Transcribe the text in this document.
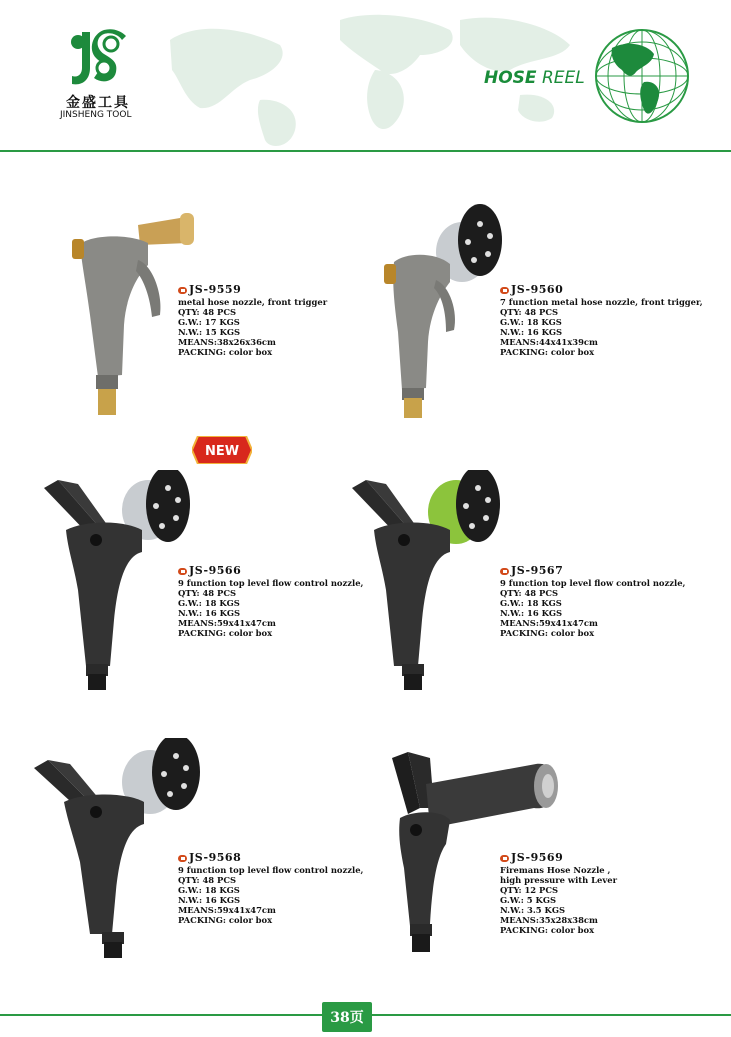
金盛工具
JINSHENG TOOL
HOSE REEL
JS-9559
metal hose nozzle, front trigger
QTY: 48 PCS
G.W.: 17 KGS
N.W.: 15 KGS
MEANS:38x26x36cm
PACKING: color box
JS-9560
7 function metal hose nozzle, front trigger,
QTY: 48 PCS
G.W.: 18 KGS
N.W.: 16 KGS
MEANS:44x41x39cm
PACKING: color box
NEW
JS-9566
9 function top level flow control nozzle,
QTY: 48 PCS
G.W.: 18 KGS
N.W.: 16 KGS
MEANS:59x41x47cm
PACKING: color box
JS-9567
9 function top level flow control nozzle,
QTY: 48 PCS
G.W.: 18 KGS
N.W.: 16 KGS
MEANS:59x41x47cm
PACKING: color box
JS-9568
9 function top level flow control nozzle,
QTY: 48 PCS
G.W.: 18 KGS
N.W.: 16 KGS
MEANS:59x41x47cm
PACKING: color box
JS-9569
Firemans Hose Nozzle ,
high pressure with Lever
QTY: 12 PCS
G.W.: 5 KGS
N.W.: 3.5 KGS
MEANS:35x28x38cm
PACKING: color box
38页
